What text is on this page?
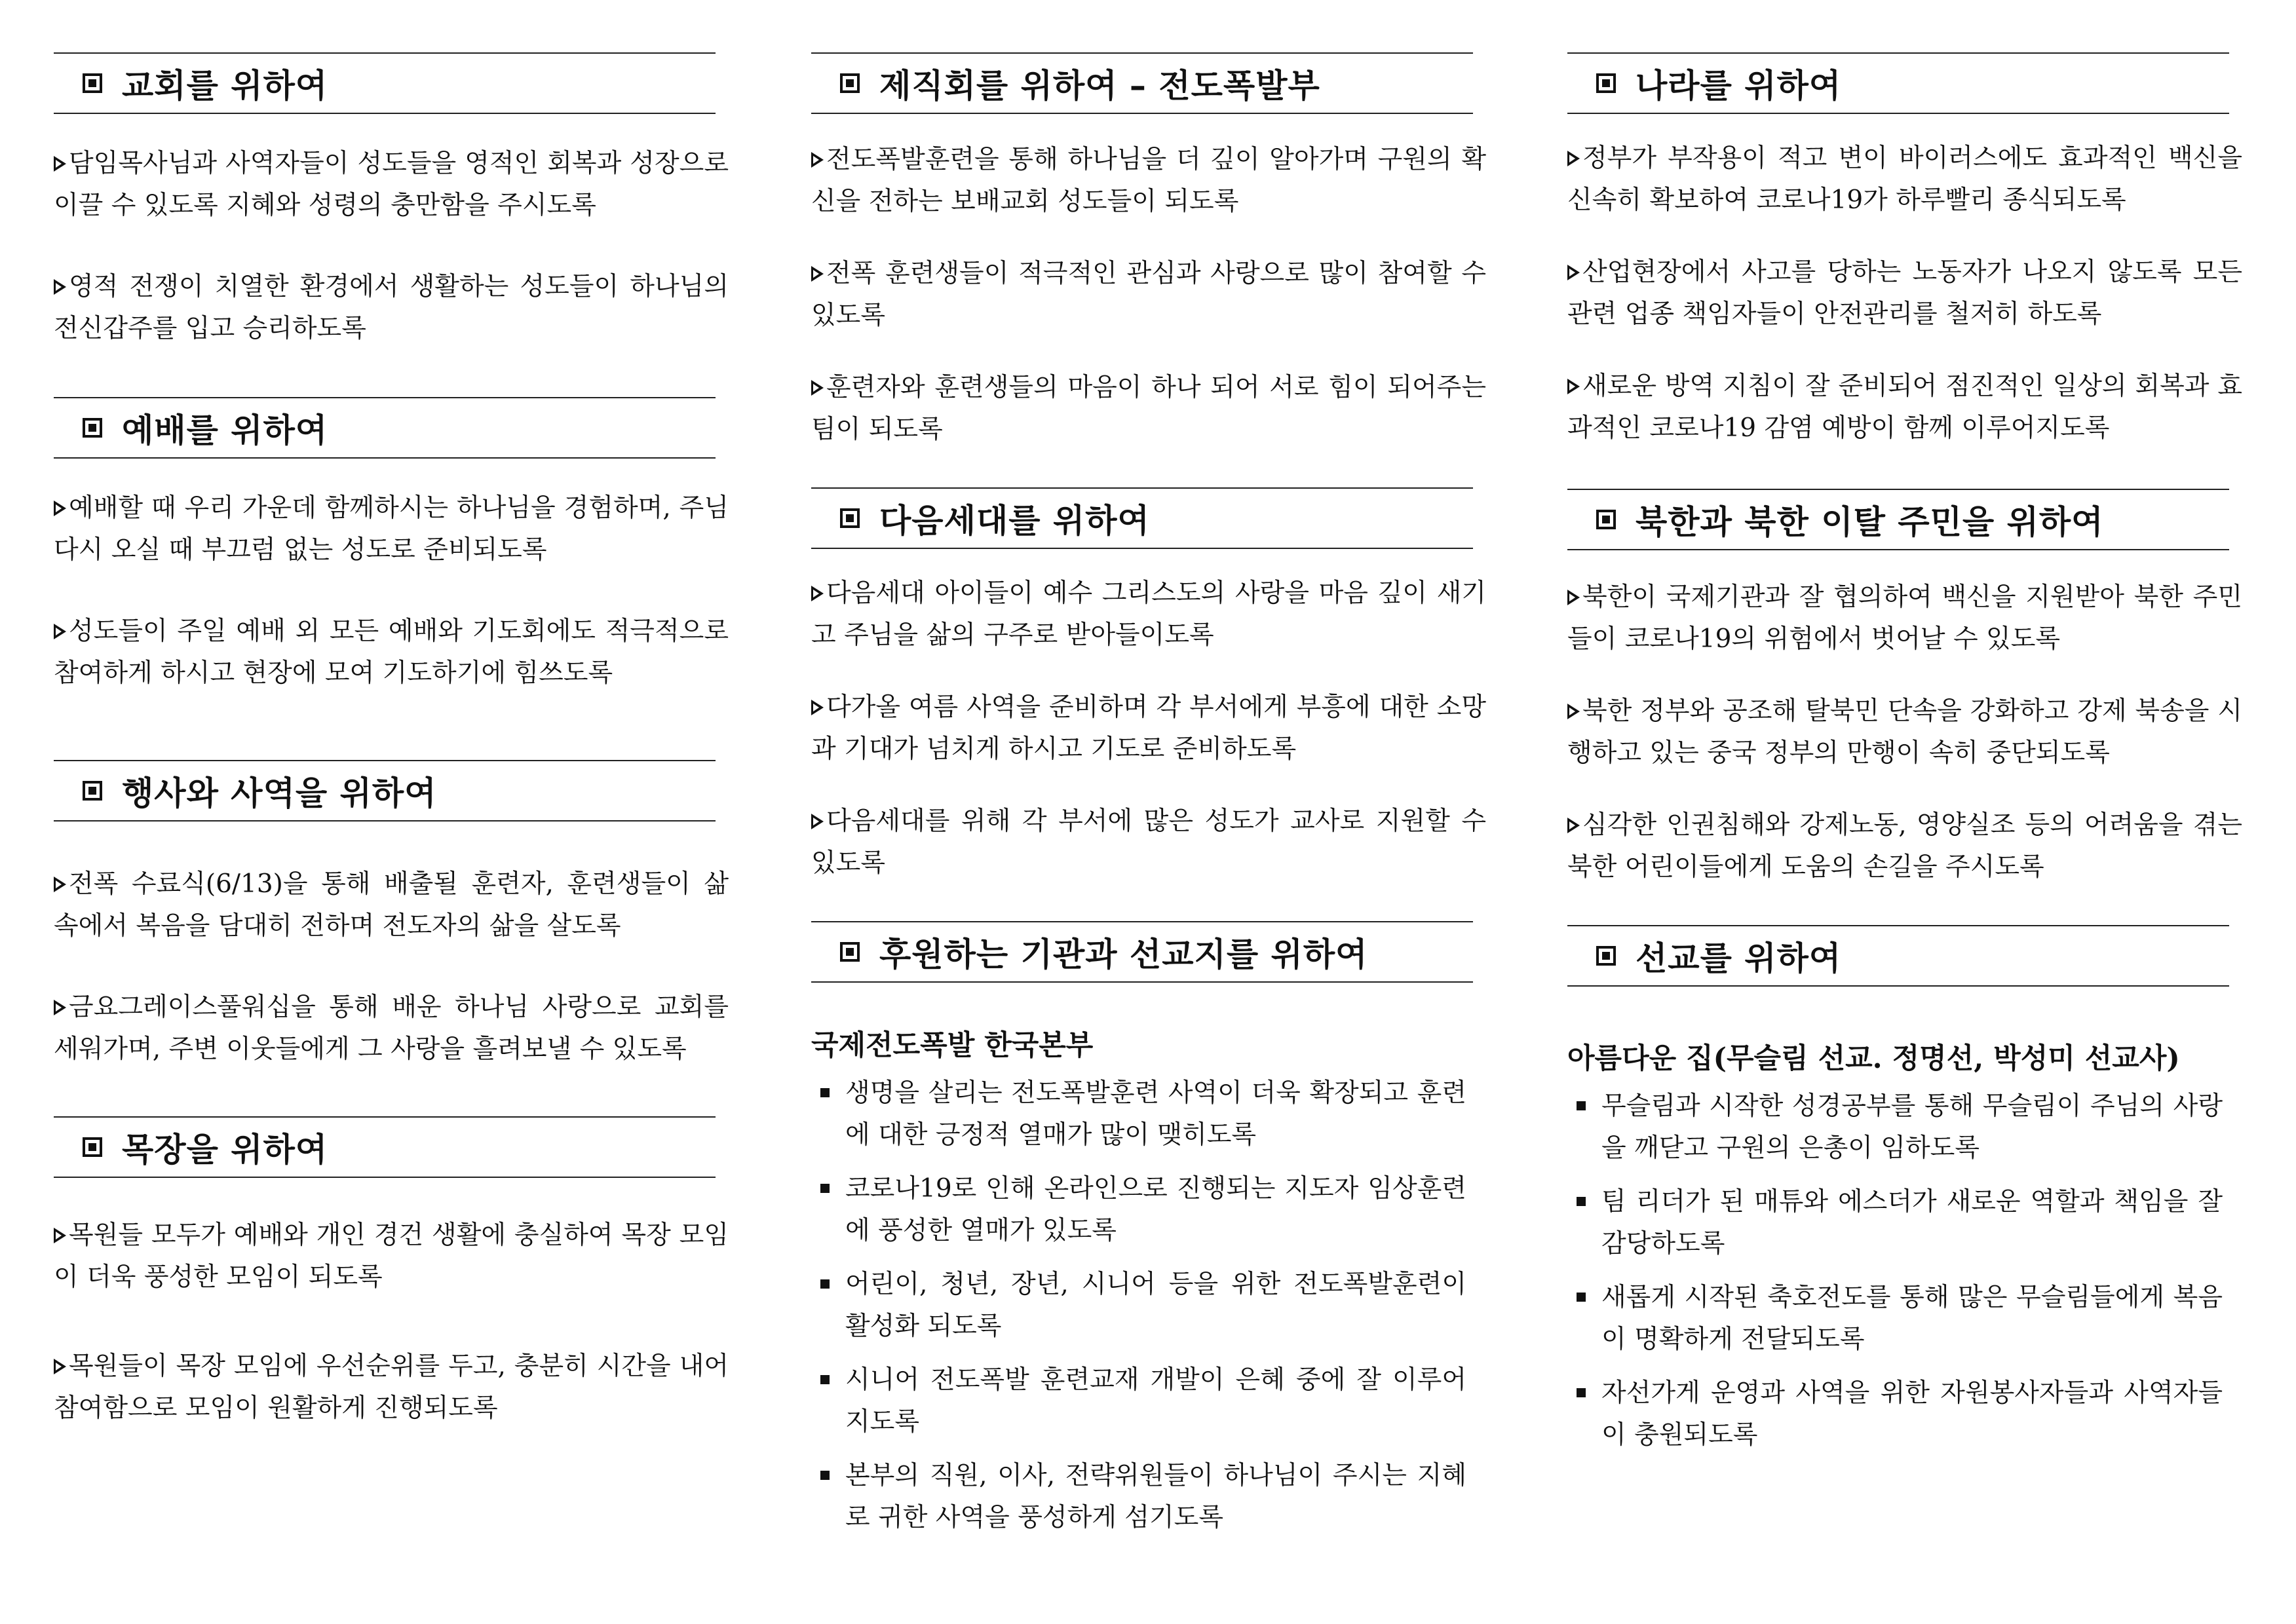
교회를 위하여
담임목사님과 사역자들이 성도들을 영적인 회복과 성장으로 이끌 수 있도록 지혜와 성령의 충만함을 주시도록
영적 전쟁이 치열한 환경에서 생활하는 성도들이 하나님의 전신갑주를 입고 승리하도록
예배를 위하여
예배할 때 우리 가운데 함께하시는 하나님을 경험하며, 주님 다시 오실 때 부끄럼 없는 성도로 준비되도록
성도들이 주일 예배 외 모든 예배와 기도회에도 적극적으로 참여하게 하시고 현장에 모여 기도하기에 힘쓰도록
행사와 사역을 위하여
전폭 수료식(6/13)을 통해 배출될 훈련자, 훈련생들이 삶 속에서 복음을 담대히 전하며 전도자의 삶을 살도록
금요그레이스풀워십을 통해 배운 하나님 사랑으로 교회를 세워가며, 주변 이웃들에게 그 사랑을 흘려보낼 수 있도록
목장을 위하여
목원들 모두가 예배와 개인 경건 생활에 충실하여 목장 모임이 더욱 풍성한 모임이 되도록
목원들이 목장 모임에 우선순위를 두고, 충분히 시간을 내어 참여함으로 모임이 원활하게 진행되도록
제직회를 위하여 – 전도폭발부
전도폭발훈련을 통해 하나님을 더 깊이 알아가며 구원의 확신을 전하는 보배교회 성도들이 되도록
전폭 훈련생들이 적극적인 관심과 사랑으로 많이 참여할 수 있도록
훈련자와 훈련생들의 마음이 하나 되어 서로 힘이 되어주는 팀이 되도록
다음세대를 위하여
다음세대 아이들이 예수 그리스도의 사랑을 마음 깊이 새기고 주님을 삶의 구주로 받아들이도록
다가올 여름 사역을 준비하며 각 부서에게 부흥에 대한 소망과 기대가 넘치게 하시고 기도로 준비하도록
다음세대를 위해 각 부서에 많은 성도가 교사로 지원할 수 있도록
후원하는 기관과 선교지를 위하여
국제전도폭발 한국본부
생명을 살리는 전도폭발훈련 사역이 더욱 확장되고 훈련에 대한 긍정적 열매가 많이 맺히도록
코로나19로 인해 온라인으로 진행되는 지도자 임상훈련에 풍성한 열매가 있도록
어린이, 청년, 장년, 시니어 등을 위한 전도폭발훈련이 활성화 되도록
시니어 전도폭발 훈련교재 개발이 은혜 중에 잘 이루어지도록
본부의 직원, 이사, 전략위원들이 하나님이 주시는 지혜로 귀한 사역을 풍성하게 섬기도록
나라를 위하여
정부가 부작용이 적고 변이 바이러스에도 효과적인 백신을 신속히 확보하여 코로나19가 하루빨리 종식되도록
산업현장에서 사고를 당하는 노동자가 나오지 않도록 모든 관련 업종 책임자들이 안전관리를 철저히 하도록
새로운 방역 지침이 잘 준비되어 점진적인 일상의 회복과 효과적인 코로나19 감염 예방이 함께 이루어지도록
북한과 북한 이탈 주민을 위하여
북한이 국제기관과 잘 협의하여 백신을 지원받아 북한 주민들이 코로나19의 위험에서 벗어날 수 있도록
북한 정부와 공조해 탈북민 단속을 강화하고 강제 북송을 시행하고 있는 중국 정부의 만행이 속히 중단되도록
심각한 인권침해와 강제노동, 영양실조 등의 어려움을 겪는 북한 어린이들에게 도움의 손길을 주시도록
선교를 위하여
아름다운 집(무슬림 선교. 정명선, 박성미 선교사)
무슬림과 시작한 성경공부를 통해 무슬림이 주님의 사랑을 깨닫고 구원의 은총이 임하도록
팀 리더가 된 매튜와 에스더가 새로운 역할과 책임을 잘 감당하도록
새롭게 시작된 축호전도를 통해 많은 무슬림들에게 복음이 명확하게 전달되도록
자선가게 운영과 사역을 위한 자원봉사자들과 사역자들이 충원되도록
